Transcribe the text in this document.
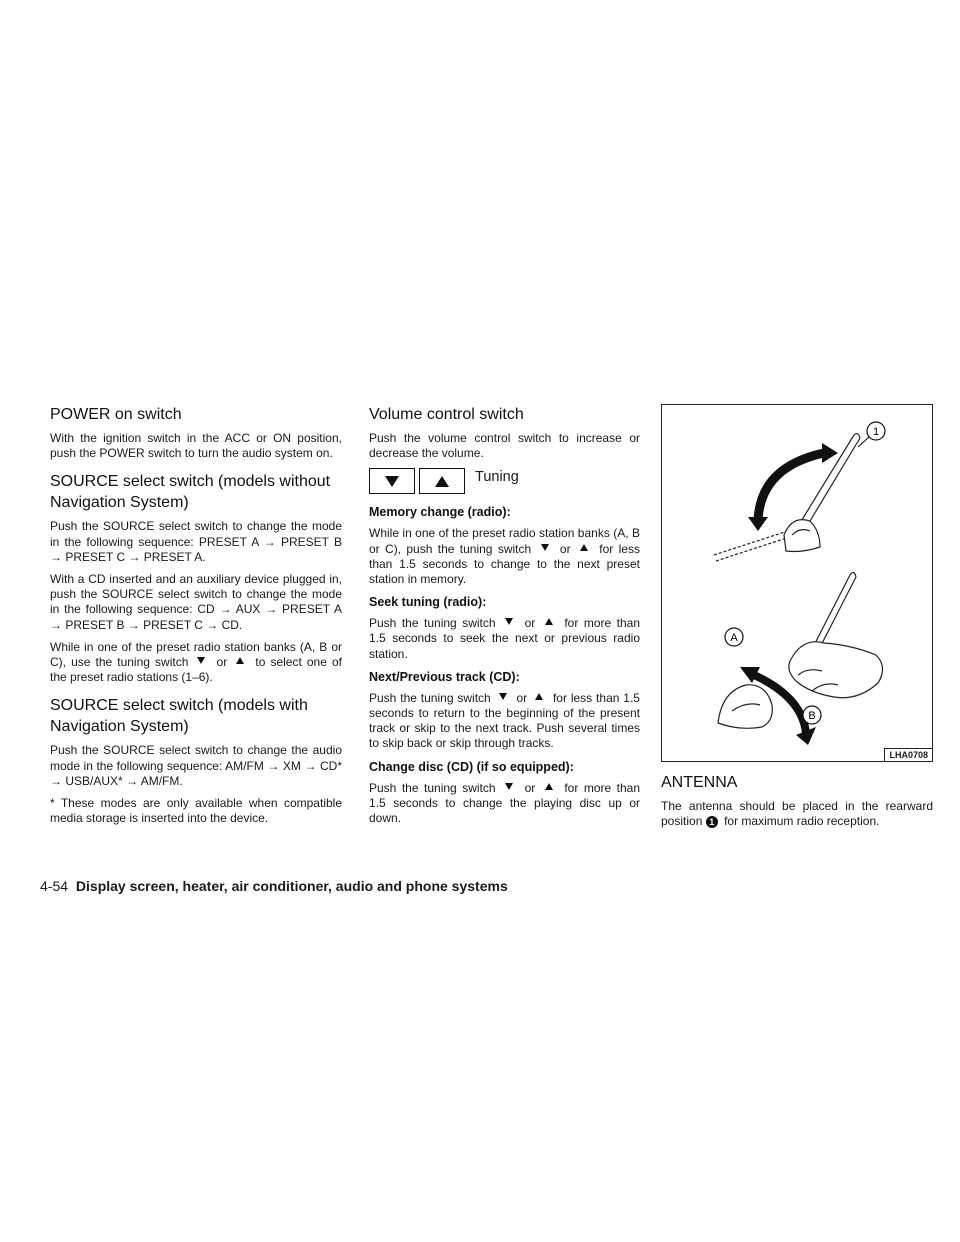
POWER on switch

With the ignition switch in the ACC or ON position, push the POWER switch to turn the audio system on.

SOURCE select switch (models without Navigation System)

Push the SOURCE select switch to change the mode in the following sequence: PRESET A → PRESET B → PRESET C → PRESET A.

With a CD inserted and an auxiliary device plugged in, push the SOURCE select switch to change the mode in the following sequence: CD → AUX → PRESET A → PRESET B → PRESET C → CD.

While in one of the preset radio station banks (A, B or C), use the tuning switch or to select one of the preset radio stations (1–6).

SOURCE select switch (models with Navigation System)

Push the SOURCE select switch to change the audio mode in the following sequence: AM/FM → XM → CD* → USB/AUX* → AM/FM.

* These modes are only available when compatible media storage is inserted into the device.

Volume control switch

Push the volume control switch to increase or decrease the volume.

Tuning
Memory change (radio):

While in one of the preset radio station banks (A, B or C), push the tuning switch or for less than 1.5 seconds to change to the next preset station in memory.

Seek tuning (radio):

Push the tuning switch or for more than 1.5 seconds to seek the next or previous radio station.

Next/Previous track (CD):

Push the tuning switch or for less than 1.5 seconds to return to the beginning of the present track or skip to the next track. Push several times to skip back or skip through tracks.

Change disc (CD) (if so equipped):

Push the tuning switch or for more than 1.5 seconds to change the playing disc up or down.

1
A
B
LHA0708
ANTENNA

The antenna should be placed in the rearward position 1 for maximum radio reception.

4-54 Display screen, heater, air conditioner, audio and phone systems
